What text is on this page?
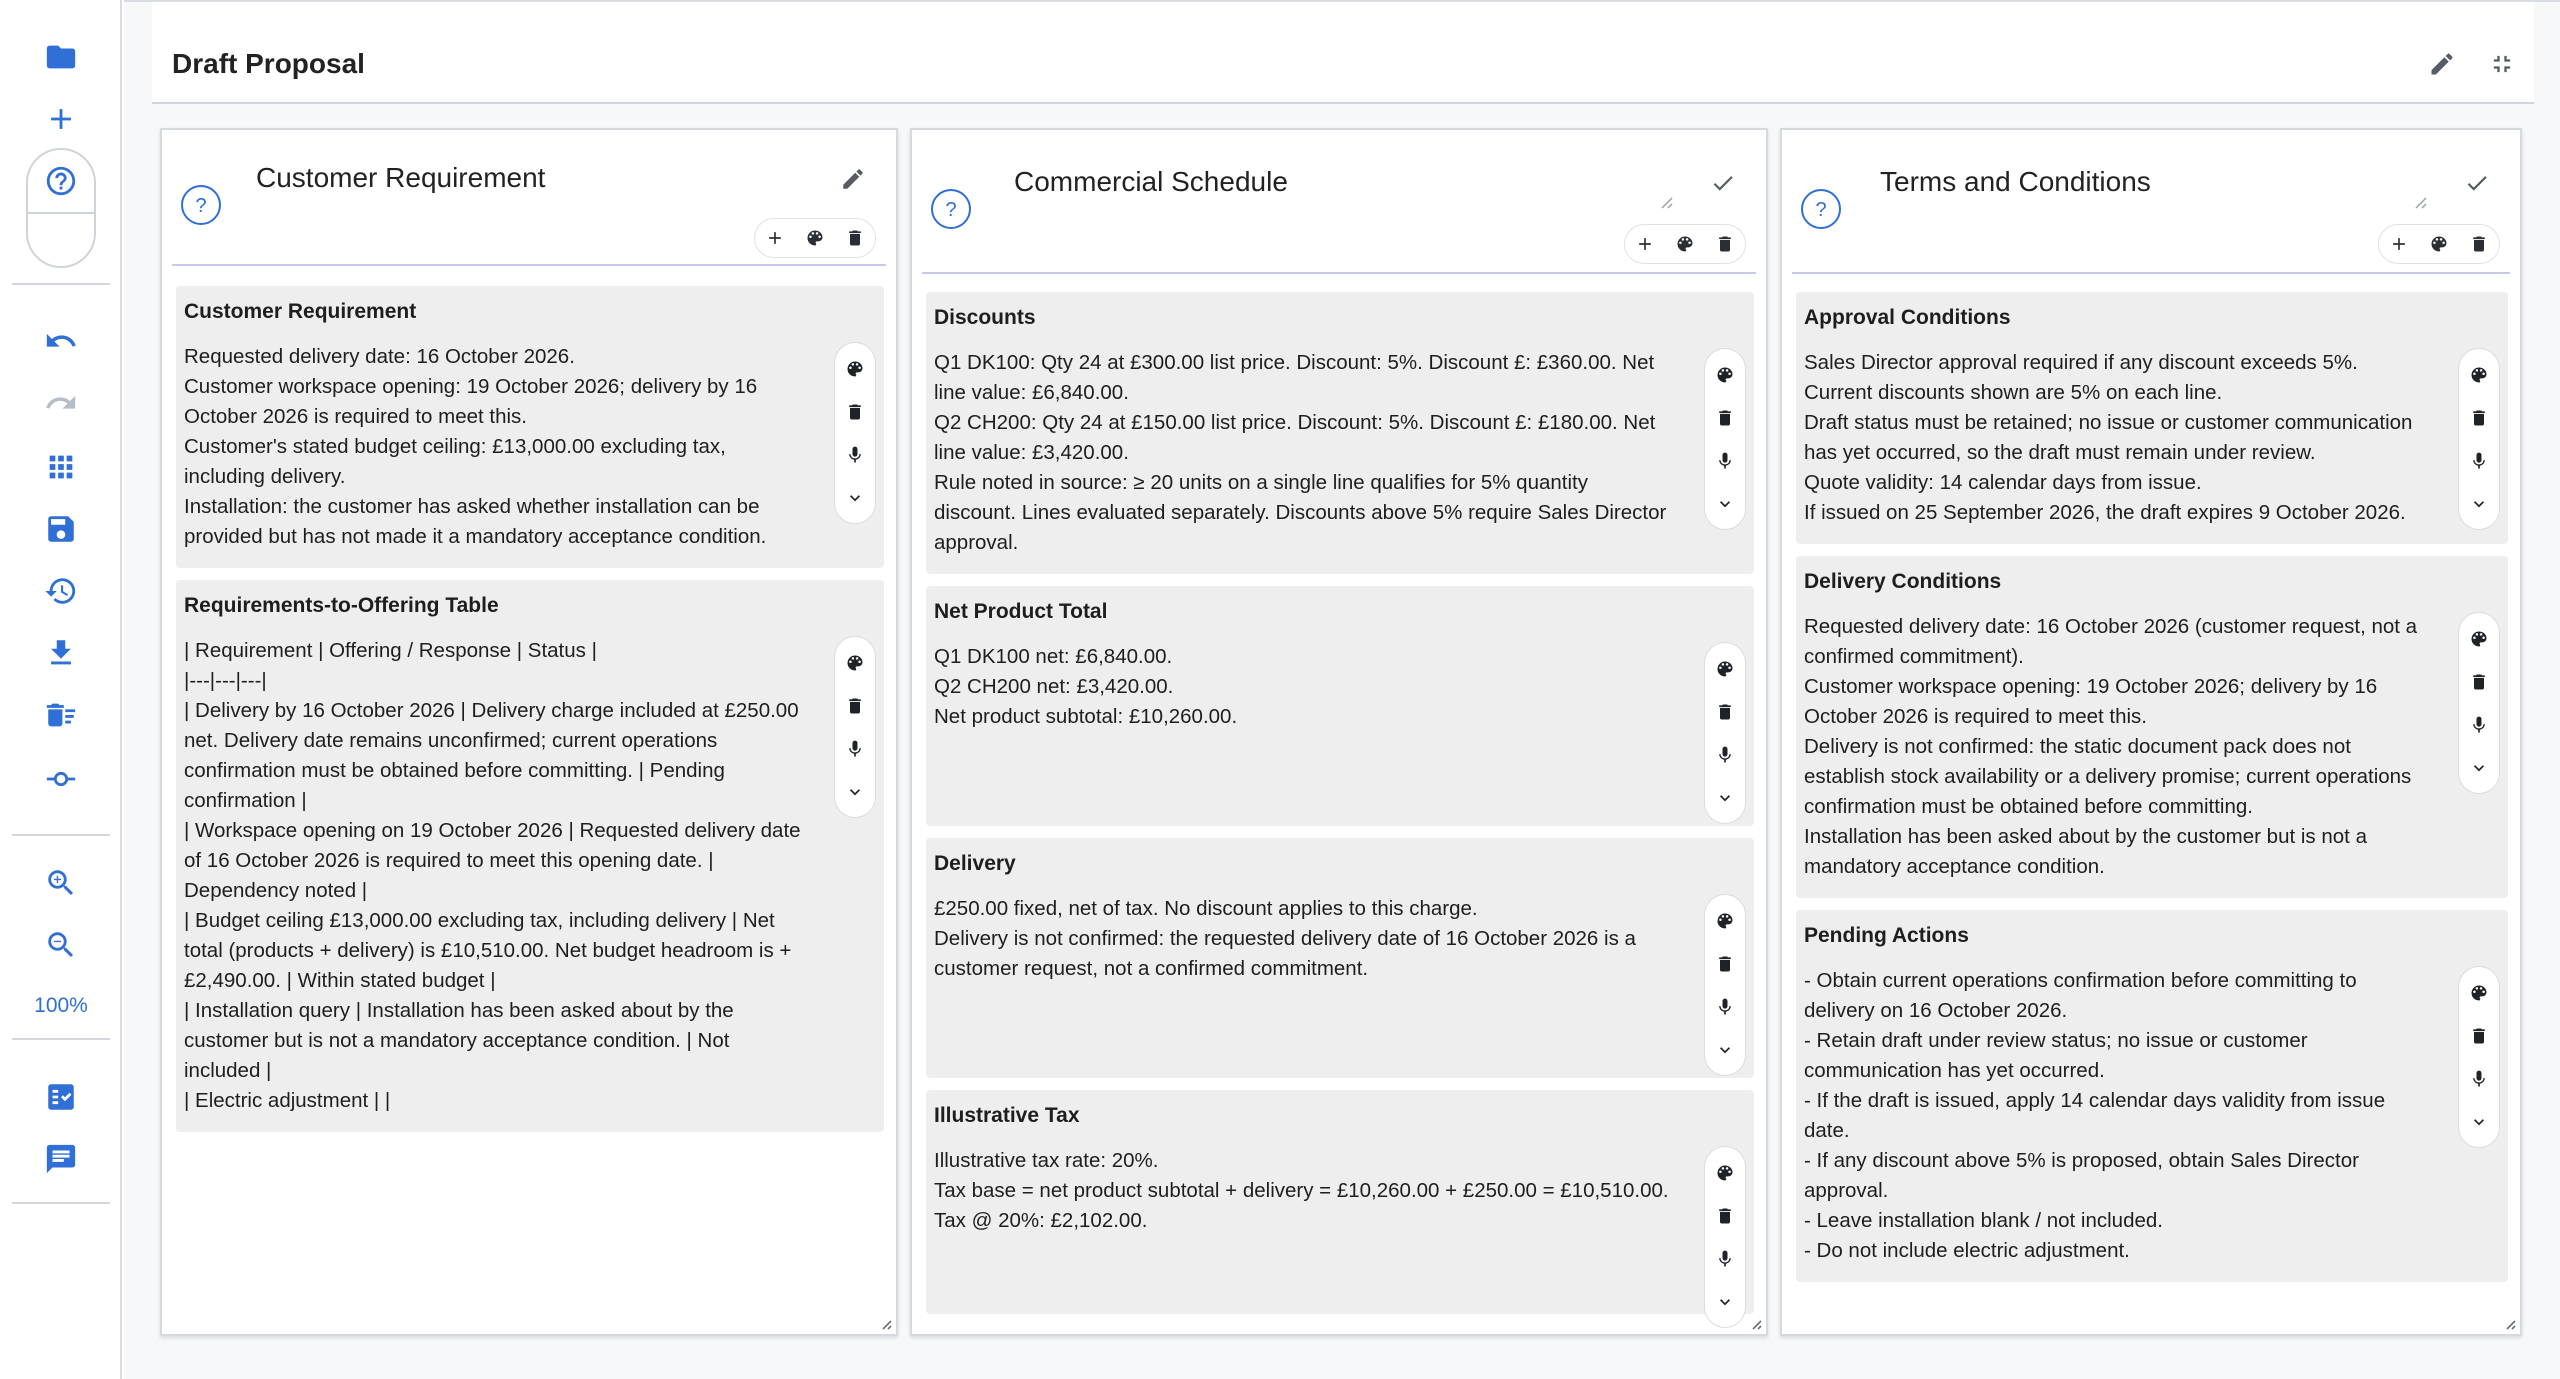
100%
Draft Proposal
?
Customer Requirement
Customer Requirement
Requested delivery date: 16 October 2026.
Customer workspace opening: 19 October 2026; delivery by 16 October 2026 is required to meet this.
Customer's stated budget ceiling: £13,000.00 excluding tax, including delivery.
Installation: the customer has asked whether installation can be provided but has not made it a mandatory acceptance condition.
Requirements-to-Offering Table
| Requirement | Offering / Response | Status |
|---|---|---|
| Delivery by 16 October 2026 | Delivery charge included at £250.00 net. Delivery date remains unconfirmed; current operations confirmation must be obtained before committing. | Pending confirmation |
| Workspace opening on 19 October 2026 | Requested delivery date of 16 October 2026 is required to meet this opening date. | Dependency noted |
| Budget ceiling £13,000.00 excluding tax, including delivery | Net total (products + delivery) is £10,510.00. Net budget headroom is + £2,490.00. | Within stated budget |
| Installation query | Installation has been asked about by the customer but is not a mandatory acceptance condition. | Not included |
| Electric adjustment | |
?
Commercial Schedule
Discounts
Q1 DK100: Qty 24 at £300.00 list price. Discount: 5%. Discount £: £360.00. Net line value: £6,840.00.
Q2 CH200: Qty 24 at £150.00 list price. Discount: 5%. Discount £: £180.00. Net line value: £3,420.00.
Rule noted in source: ≥ 20 units on a single line qualifies for 5% quantity discount. Lines evaluated separately. Discounts above 5% require Sales Director approval.
Net Product Total
Q1 DK100 net: £6,840.00.
Q2 CH200 net: £3,420.00.
Net product subtotal: £10,260.00.
Delivery
£250.00 fixed, net of tax. No discount applies to this charge.
Delivery is not confirmed: the requested delivery date of 16 October 2026 is a customer request, not a confirmed commitment.
Illustrative Tax
Illustrative tax rate: 20%.
Tax base = net product subtotal + delivery = £10,260.00 + £250.00 = £10,510.00.
Tax @ 20%: £2,102.00.
?
Terms and Conditions
Approval Conditions
Sales Director approval required if any discount exceeds 5%.
Current discounts shown are 5% on each line.
Draft status must be retained; no issue or customer communication has yet occurred, so the draft must remain under review.
Quote validity: 14 calendar days from issue.
If issued on 25 September 2026, the draft expires 9 October 2026.
Delivery Conditions
Requested delivery date: 16 October 2026 (customer request, not a confirmed commitment).
Customer workspace opening: 19 October 2026; delivery by 16 October 2026 is required to meet this.
Delivery is not confirmed: the static document pack does not establish stock availability or a delivery promise; current operations confirmation must be obtained before committing.
Installation has been asked about by the customer but is not a mandatory acceptance condition.
Pending Actions
- Obtain current operations confirmation before committing to delivery on 16 October 2026.
- Retain draft under review status; no issue or customer communication has yet occurred.
- If the draft is issued, apply 14 calendar days validity from issue date.
- If any discount above 5% is proposed, obtain Sales Director approval.
- Leave installation blank / not included.
- Do not include electric adjustment.
